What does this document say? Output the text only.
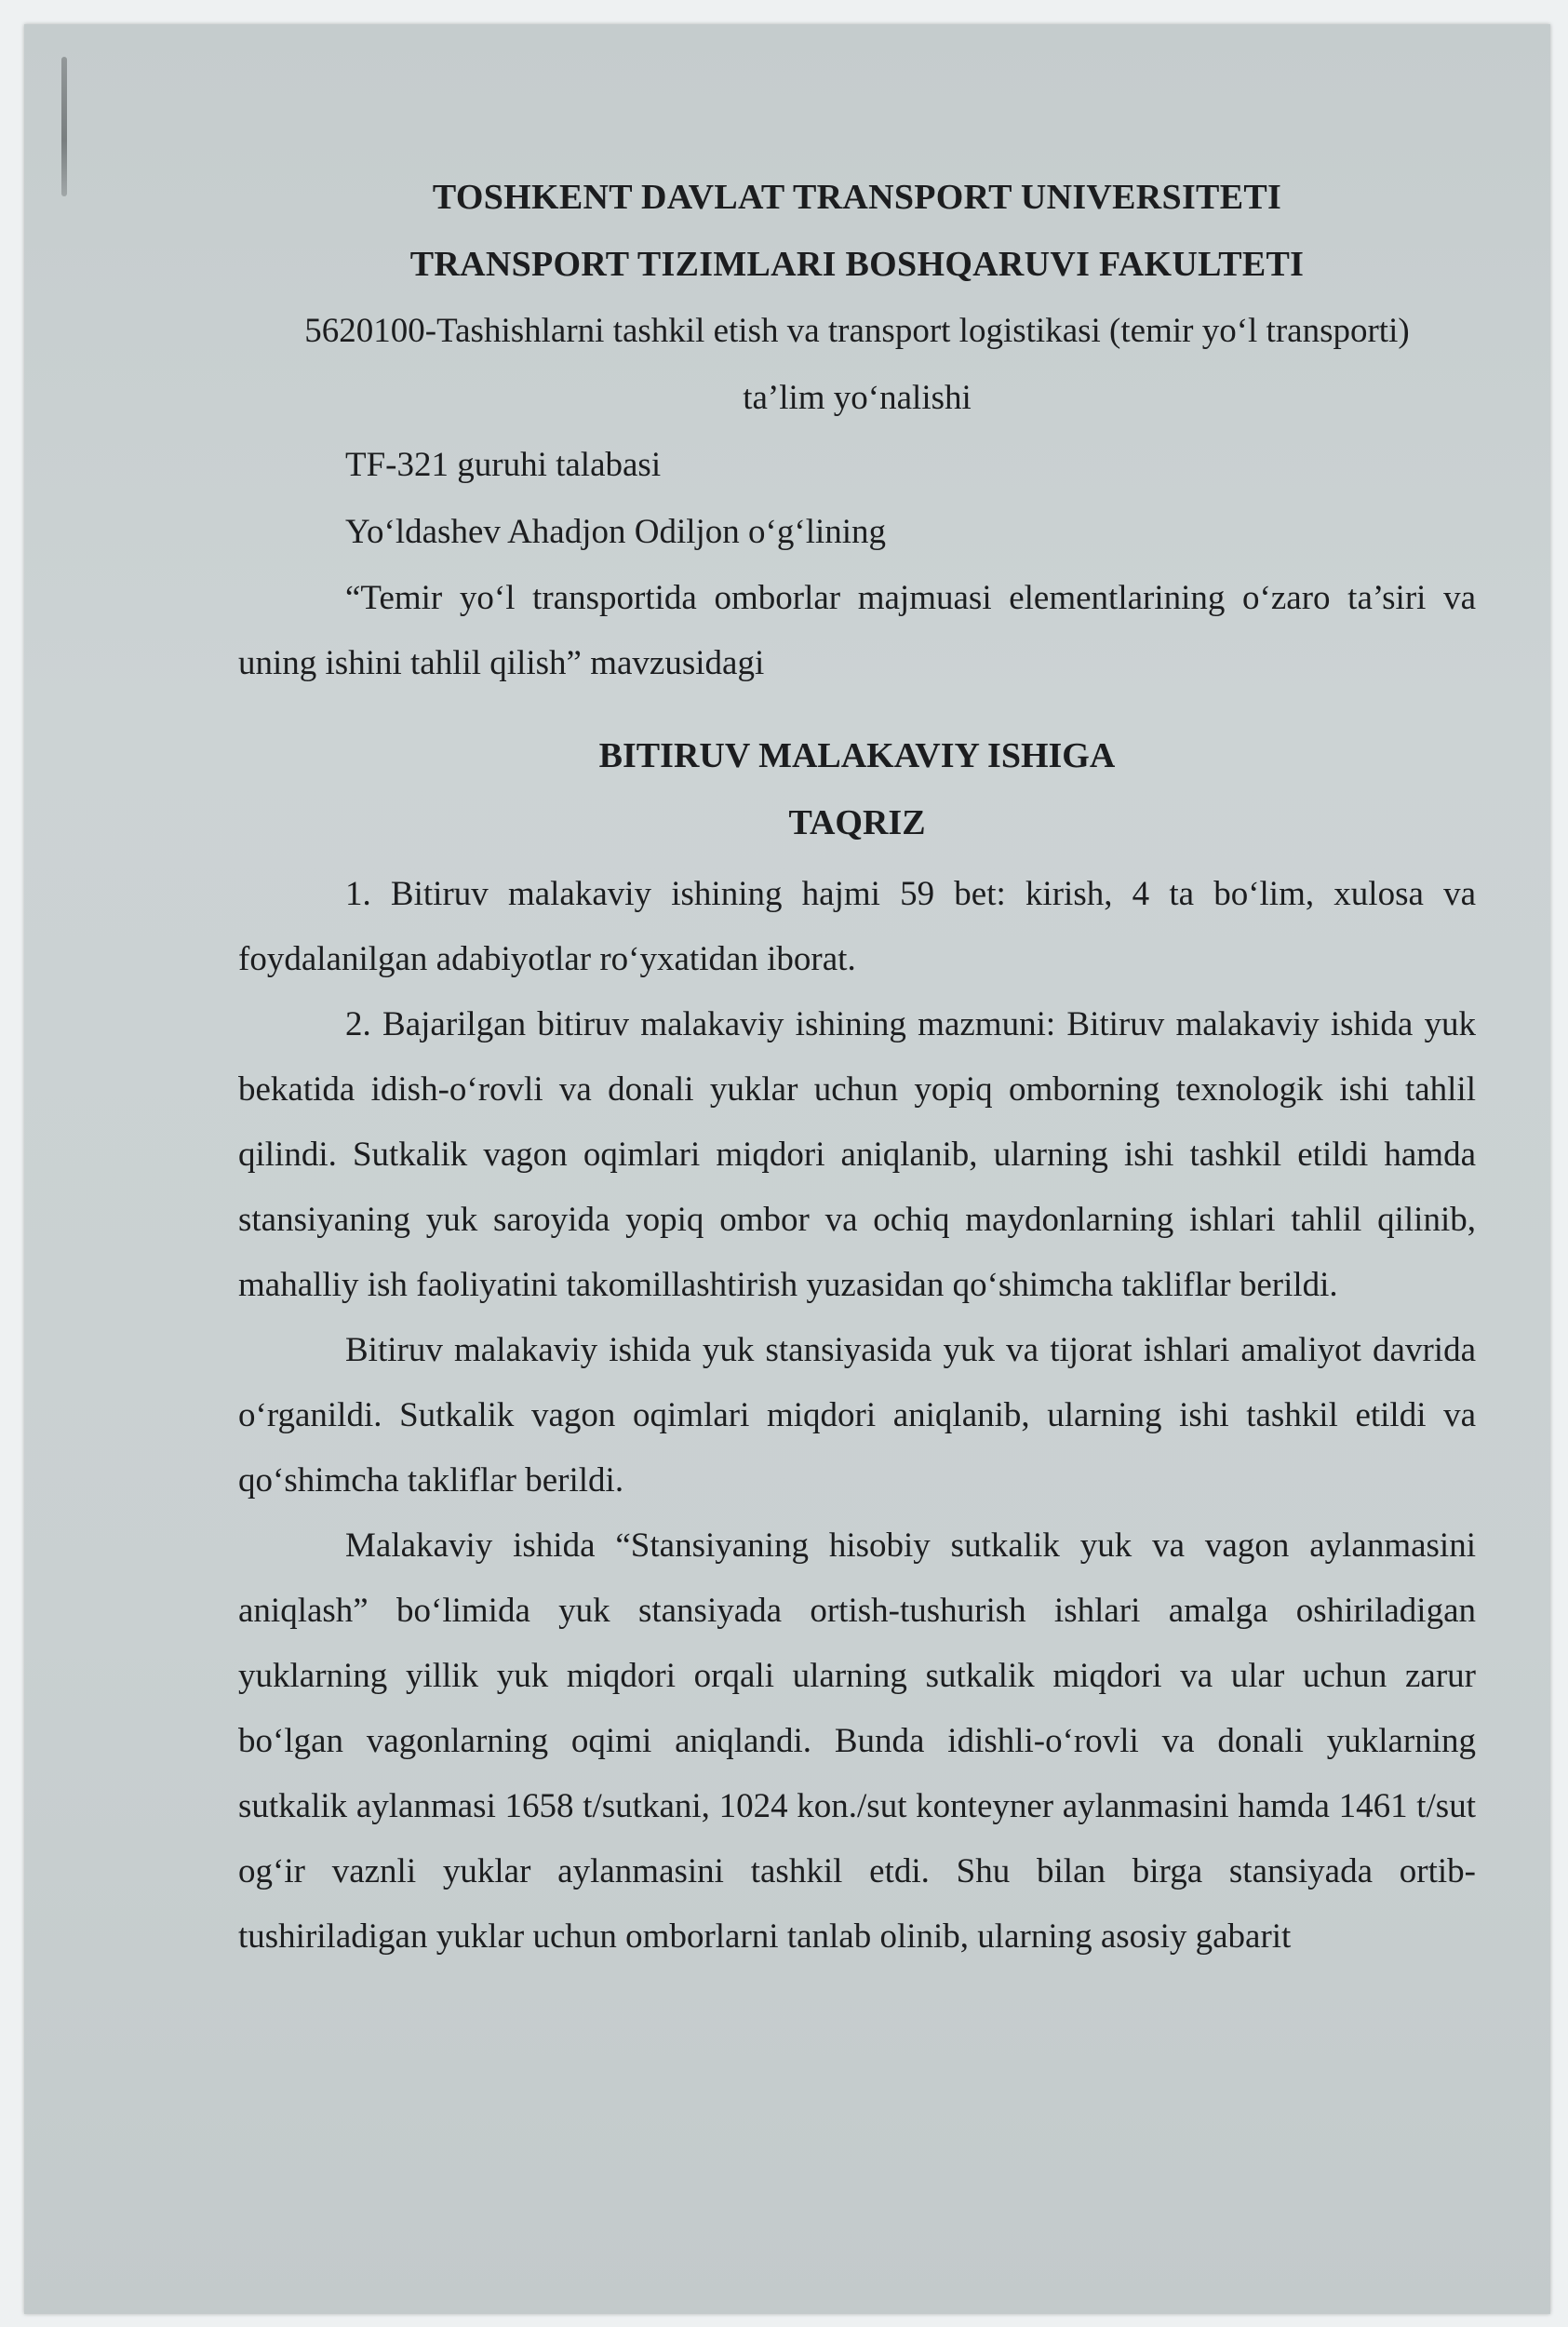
TOSHKENT DAVLAT TRANSPORT UNIVERSITETI

TRANSPORT TIZIMLARI BOSHQARUVI FAKULTETI

5620100-Tashishlarni tashkil etish va transport logistikasi (temir yo‘l transporti)

ta’lim yo‘nalishi

TF-321 guruhi talabasi

Yo‘ldashev Ahadjon Odiljon o‘g‘lining

“Temir yo‘l transportida omborlar majmuasi elementlarining o‘zaro ta’siri va uning ishini tahlil qilish” mavzusidagi

BITIRUV MALAKAVIY ISHIGA

TAQRIZ

1. Bitiruv malakaviy ishining hajmi 59 bet: kirish, 4 ta bo‘lim, xulosa va foydalanilgan adabiyotlar ro‘yxatidan iborat.

2. Bajarilgan bitiruv malakaviy ishining mazmuni: Bitiruv malakaviy ishida yuk bekatida idish-o‘rovli va donali yuklar uchun yopiq omborning texnologik ishi tahlil qilindi. Sutkalik vagon oqimlari miqdori aniqlanib, ularning ishi tashkil etildi hamda stansiyaning yuk saroyida yopiq ombor va ochiq maydonlarning ishlari tahlil qilinib, mahalliy ish faoliyatini takomillashtirish yuzasidan qo‘shimcha takliflar berildi.

Bitiruv malakaviy ishida yuk stansiyasida yuk va tijorat ishlari amaliyot davrida o‘rganildi. Sutkalik vagon oqimlari miqdori aniqlanib, ularning ishi tashkil etildi va qo‘shimcha takliflar berildi.

Malakaviy ishida “Stansiyaning hisobiy sutkalik yuk va vagon aylanmasini aniqlash” bo‘limida yuk stansiyada ortish-tushurish ishlari amalga oshiriladigan yuklarning yillik yuk miqdori orqali ularning sutkalik miqdori va ular uchun zarur bo‘lgan vagonlarning oqimi aniqlandi. Bunda idishli-o‘rovli va donali yuklarning sutkalik aylanmasi 1658 t/sutkani, 1024 kon./sut konteyner aylanmasini hamda 1461 t/sut og‘ir vaznli yuklar aylanmasini tashkil etdi. Shu bilan birga stansiyada ortib-tushiriladigan yuklar uchun omborlarni tanlab olinib, ularning asosiy gabarit
